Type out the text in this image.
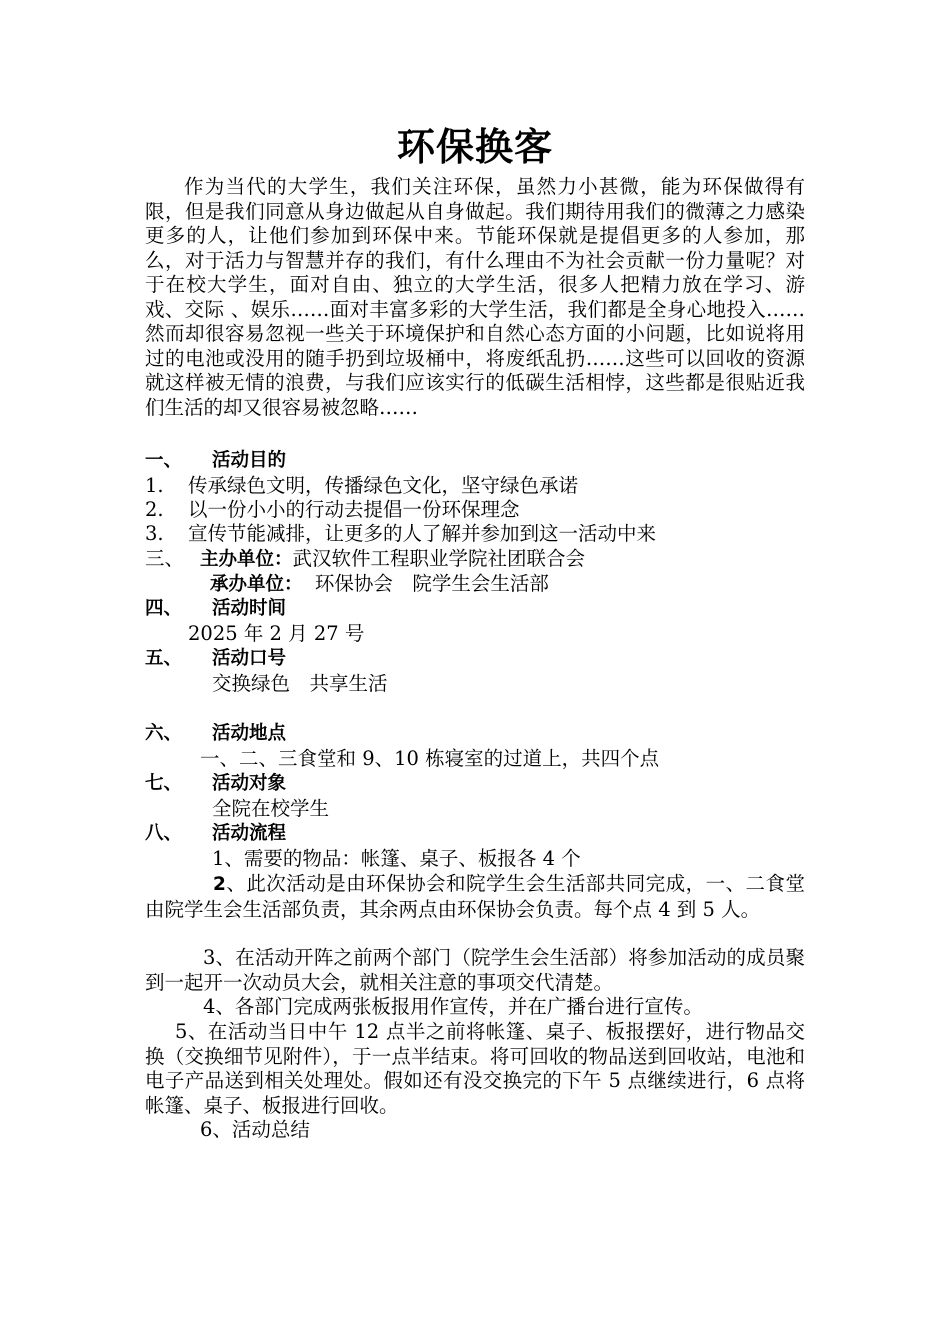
环保换客

作为当代的大学生，我们关注环保，虽然力小甚微，能为环保做得有限，但是我们同意从身边做起从自身做起。我们期待用我们的微薄之力感染更多的人，让他们参加到环保中来。节能环保就是提倡更多的人参加，那么，对于活力与智慧并存的我们，有什么理由不为社会贡献一份力量呢？对于在校大学生，面对自由、独立的大学生活，很多人把精力放在学习、游戏、交际 、娱乐……面对丰富多彩的大学生活，我们都是全身心地投入……然而却很容易忽视一些关于环境保护和自然心态方面的小问题，比如说将用过的电池或没用的随手扔到垃圾桶中，将废纸乱扔……这些可以回收的资源就这样被无情的浪费，与我们应该实行的低碳生活相悖，这些都是很贴近我们生活的却又很容易被忽略……

一、 活动目的
1. 传承绿色文明，传播绿色文化，坚守绿色承诺
2. 以一份小小的行动去提倡一份环保理念
3. 宣传节能减排，让更多的人了解并参加到这一活动中来
三、 主办单位：武汉软件工程职业学院社团联合会
承办单位： 环保协会　院学生会生活部
四、 活动时间
2025 年 2 月 27 号
五、 活动口号
交换绿色　共享生活
六、 活动地点
一、二、三食堂和 9、10 栋寝室的过道上，共四个点
七、 活动对象
全院在校学生
八、 活动流程
1、需要的物品：帐篷、桌子、板报各 4 个

2、此次活动是由环保协会和院学生会生活部共同完成，一、二食堂由院学生会生活部负责，其余两点由环保协会负责。每个点 4 到 5 人。

3、在活动开阵之前两个部门（院学生会生活部）将参加活动的成员聚到一起开一次动员大会，就相关注意的事项交代清楚。

4、各部门完成两张板报用作宣传，并在广播台进行宣传。

5、在活动当日中午 12 点半之前将帐篷、桌子、板报摆好，进行物品交换（交换细节见附件），于一点半结束。将可回收的物品送到回收站，电池和电子产品送到相关处理处。假如还有没交换完的下午 5 点继续进行，6 点将帐篷、桌子、板报进行回收。

6、活动总结
